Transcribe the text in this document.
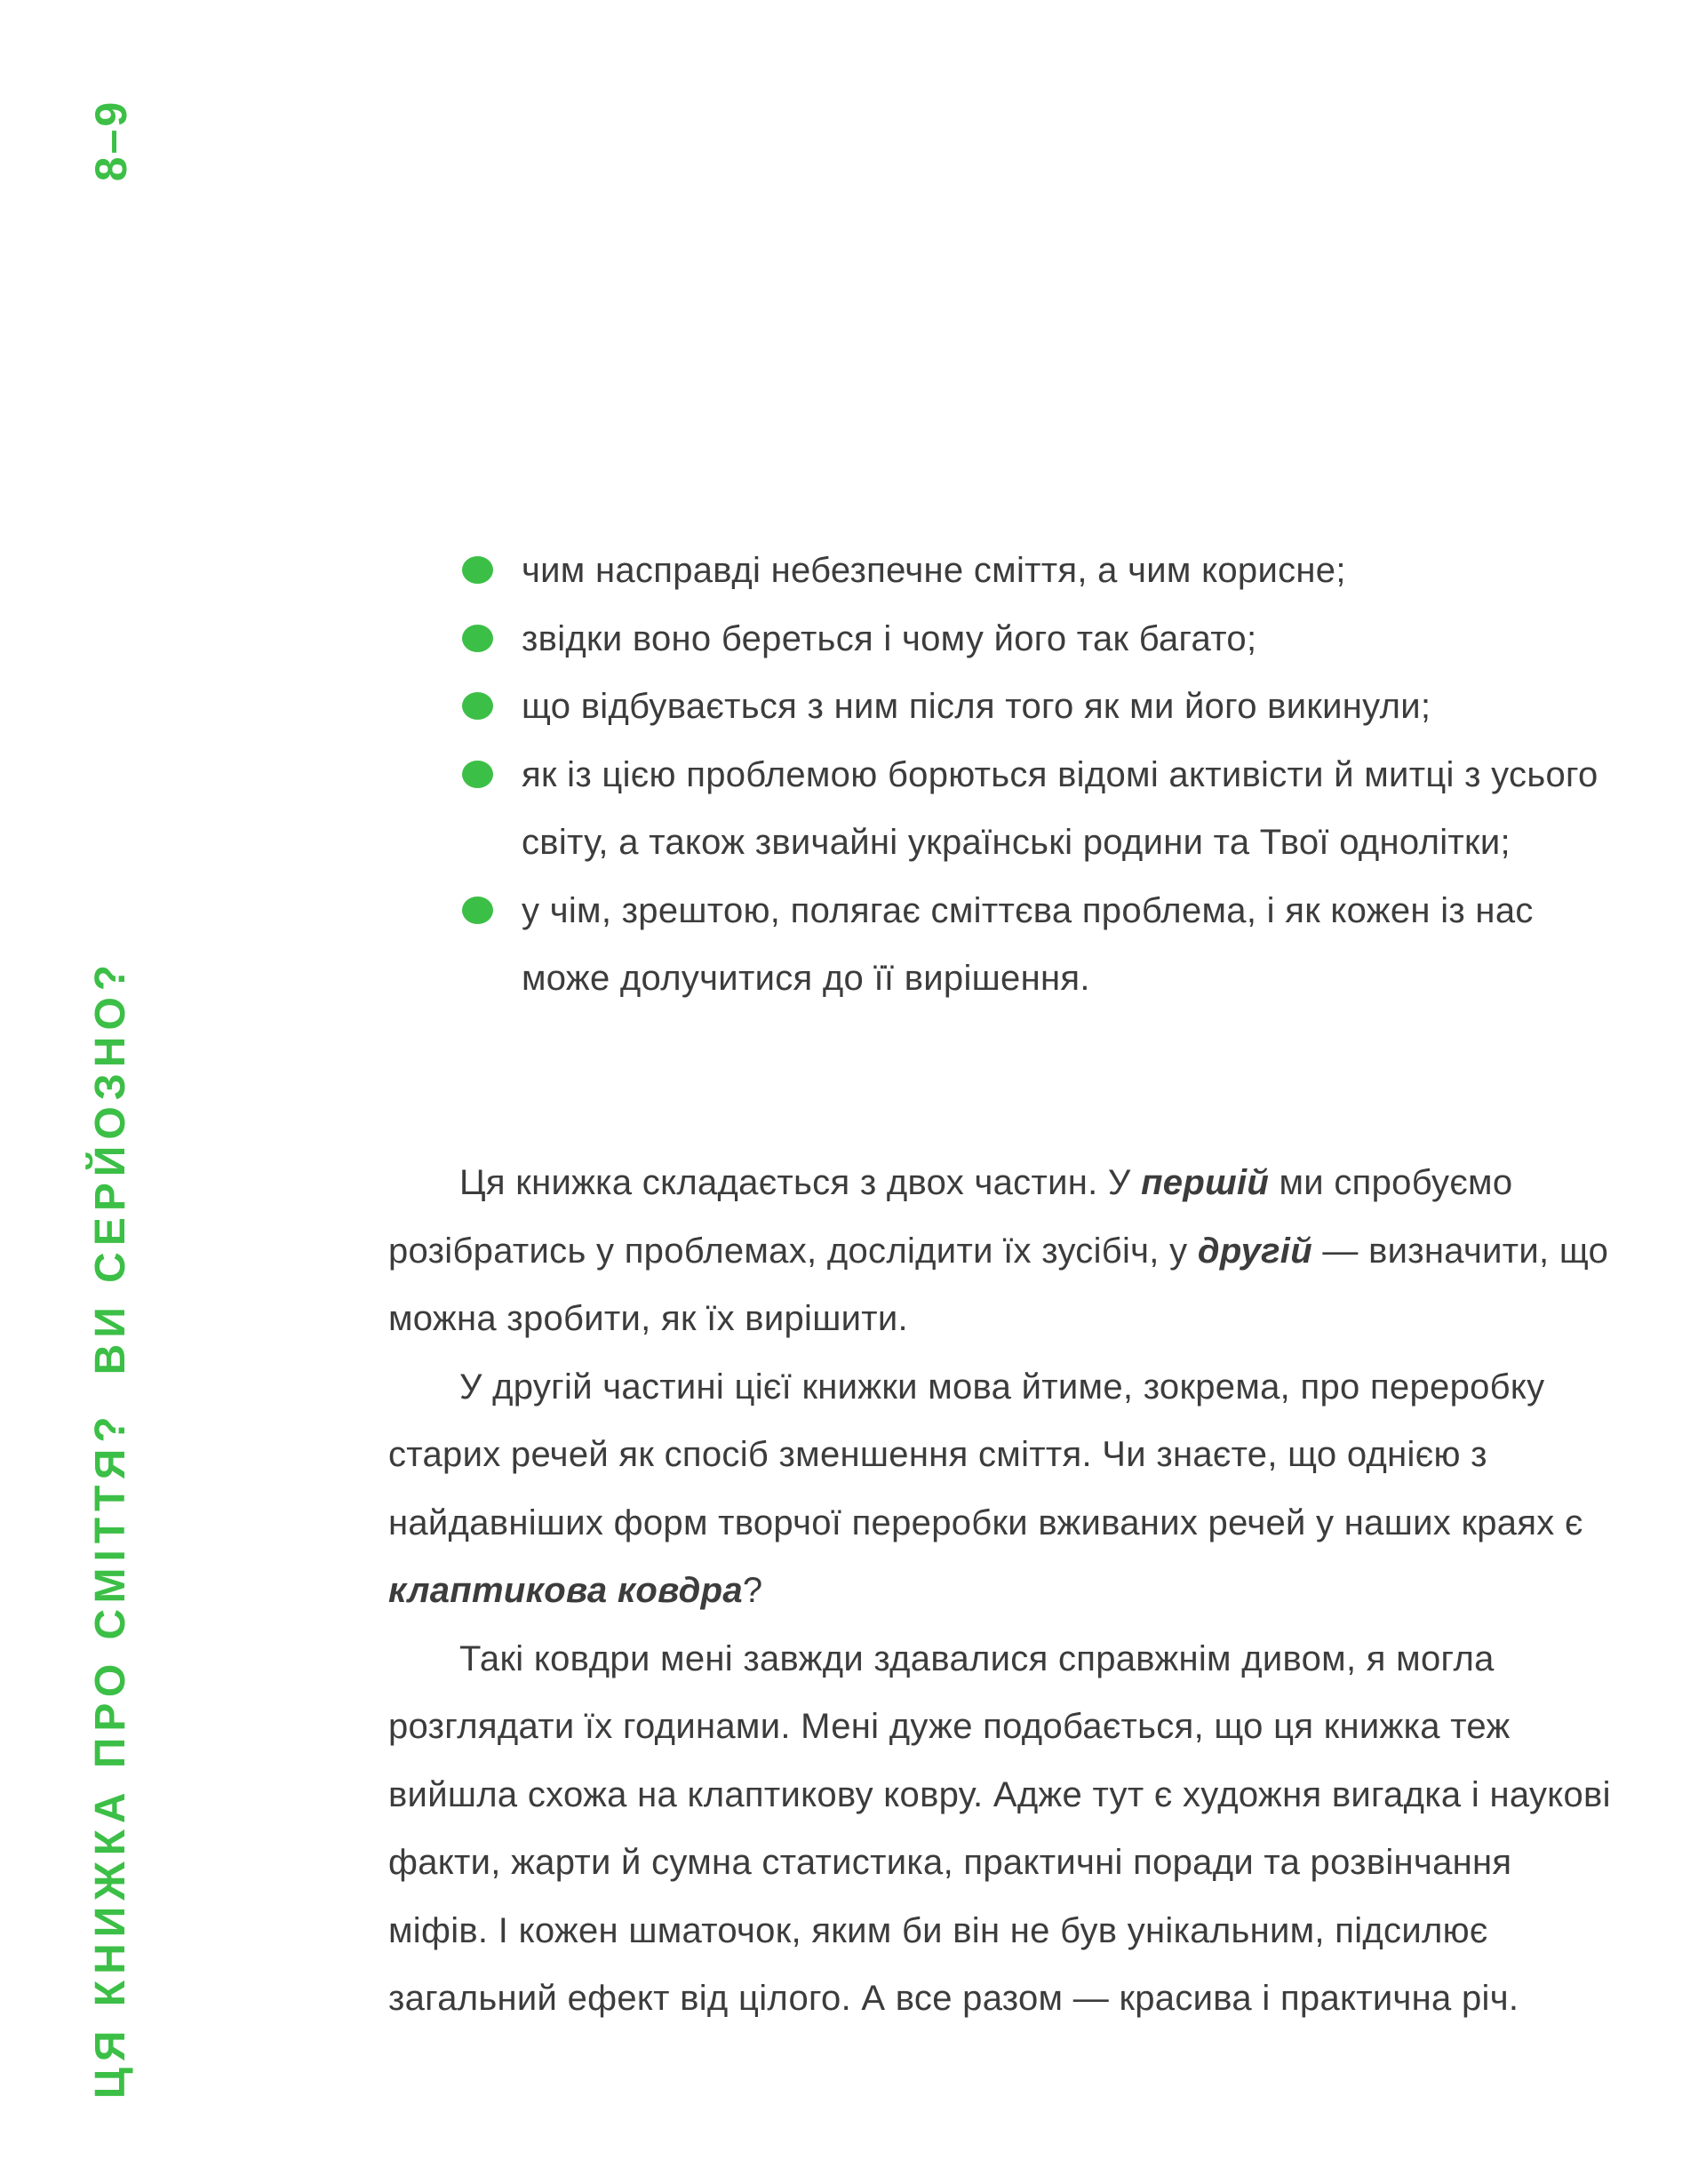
8–9
ЦЯ КНИЖКА ПРО СМІТТЯ?ВИ СЕРЙОЗНО?
чим насправді небезпечне сміття, а чим корисне;
звідки воно береться і чому його так багато;
що відбувається з ним після того як ми його викинули;
як із цією проблемою борються відомі активісти й митці з усього світу, а також звичайні українські родини та Твої однолітки;
у чім, зрештою, полягає сміттєва проблема, і як кожен із нас може долучитися до її вирішення.

Ця книжка складається з двох частин. У першій ми спробуємо розібратись у проблемах, дослідити їх зусібіч, у другій — визначити, що можна зробити, як їх вирішити.

У другій частині цієї книжки мова йтиме, зокрема, про переробку старих речей як спосіб зменшення сміття. Чи знаєте, що однією з найдавніших форм творчої переробки вживаних речей у наших краях є клаптикова ковдра?

Такі ковдри мені завжди здавалися справжнім дивом, я могла розглядати їх годинами. Мені дуже подобається, що ця книжка теж вийшла схожа на клаптикову ковру. Адже тут є художня вигадка і наукові факти, жарти й сумна статистика, практичні поради та розвінчання міфів. І кожен шматочок, яким би він не був унікальним, підсилює загальний ефект від цілого. А все разом — красива і практична річ.
